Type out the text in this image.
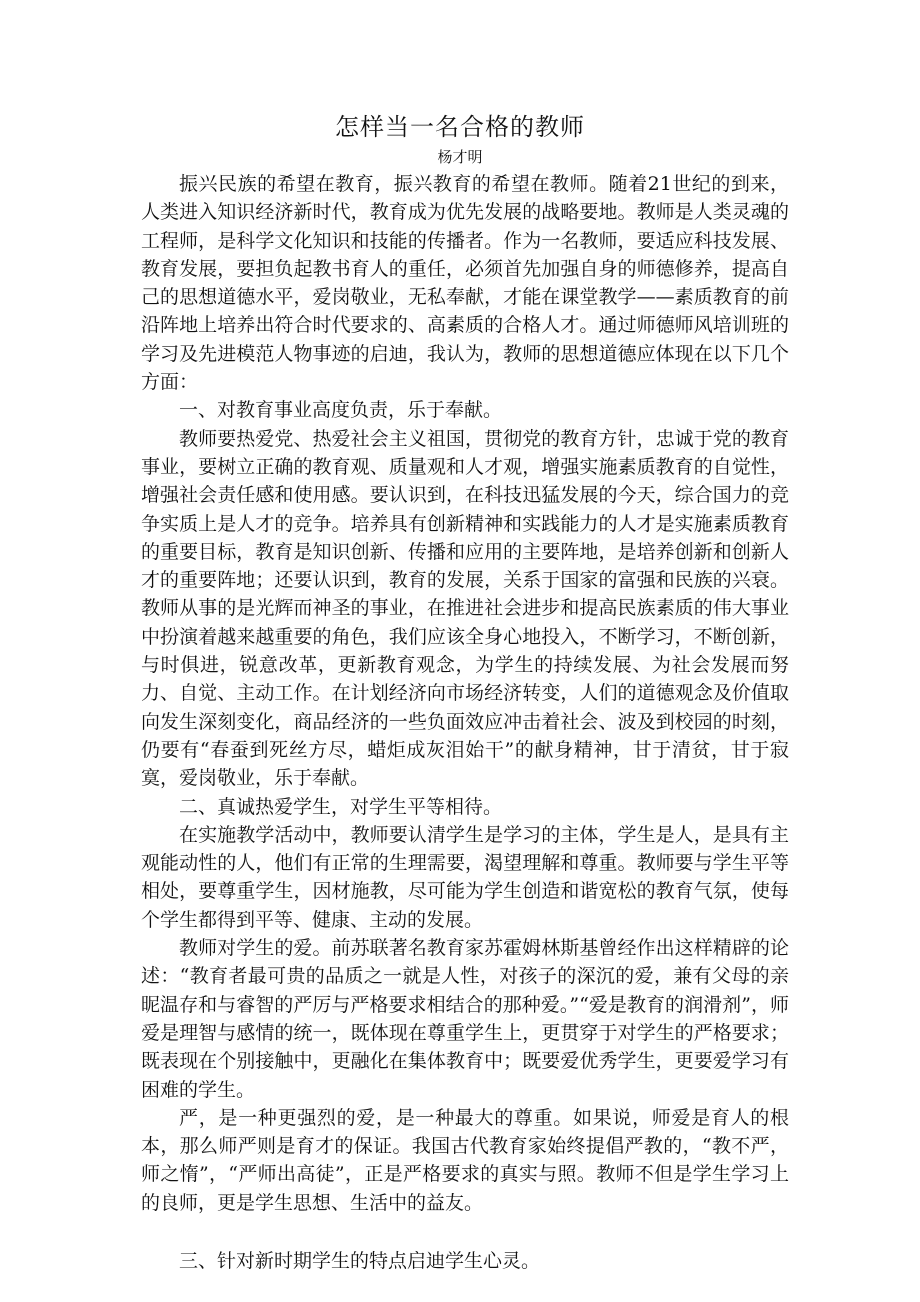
怎样当一名合格的教师
杨才明

振兴民族的希望在教育，振兴教育的希望在教师。随着21世纪的到来，人类进入知识经济新时代，教育成为优先发展的战略要地。教师是人类灵魂的工程师，是科学文化知识和技能的传播者。作为一名教师，要适应科技发展、教育发展，要担负起教书育人的重任，必须首先加强自身的师德修养，提高自己的思想道德水平，爱岗敬业，无私奉献，才能在课堂教学——素质教育的前沿阵地上培养出符合时代要求的、高素质的合格人才。通过师德师风培训班的学习及先进模范人物事迹的启迪，我认为，教师的思想道德应体现在以下几个方面：

一、对教育事业高度负责，乐于奉献。

教师要热爱党、热爱社会主义祖国，贯彻党的教育方针，忠诚于党的教育事业，要树立正确的教育观、质量观和人才观，增强实施素质教育的自觉性，增强社会责任感和使用感。要认识到，在科技迅猛发展的今天，综合国力的竞争实质上是人才的竞争。培养具有创新精神和实践能力的人才是实施素质教育的重要目标，教育是知识创新、传播和应用的主要阵地，是培养创新和创新人才的重要阵地；还要认识到，教育的发展，关系于国家的富强和民族的兴衰。教师从事的是光辉而神圣的事业，在推进社会进步和提高民族素质的伟大事业中扮演着越来越重要的角色，我们应该全身心地投入，不断学习，不断创新，与时俱进，锐意改革，更新教育观念，为学生的持续发展、为社会发展而努力、自觉、主动工作。在计划经济向市场经济转变，人们的道德观念及价值取向发生深刻变化，商品经济的一些负面效应冲击着社会、波及到校园的时刻，仍要有“春蚕到死丝方尽，蜡炬成灰泪始干”的献身精神，甘于清贫，甘于寂寞，爱岗敬业，乐于奉献。

二、真诚热爱学生，对学生平等相待。

在实施教学活动中，教师要认清学生是学习的主体，学生是人，是具有主观能动性的人，他们有正常的生理需要，渴望理解和尊重。教师要与学生平等相处，要尊重学生，因材施教，尽可能为学生创造和谐宽松的教育气氛，使每个学生都得到平等、健康、主动的发展。

教师对学生的爱。前苏联著名教育家苏霍姆林斯基曾经作出这样精辟的论述：“教育者最可贵的品质之一就是人性，对孩子的深沉的爱，兼有父母的亲昵温存和与睿智的严厉与严格要求相结合的那种爱。”“爱是教育的润滑剂”，师爱是理智与感情的统一，既体现在尊重学生上，更贯穿于对学生的严格要求；既表现在个别接触中，更融化在集体教育中；既要爱优秀学生，更要爱学习有困难的学生。

严，是一种更强烈的爱，是一种最大的尊重。如果说，师爱是育人的根本，那么师严则是育才的保证。我国古代教育家始终提倡严教的，“教不严，师之惰”，“严师出高徒”，正是严格要求的真实与照。教师不但是学生学习上的良师，更是学生思想、生活中的益友。

三、针对新时期学生的特点启迪学生心灵。
